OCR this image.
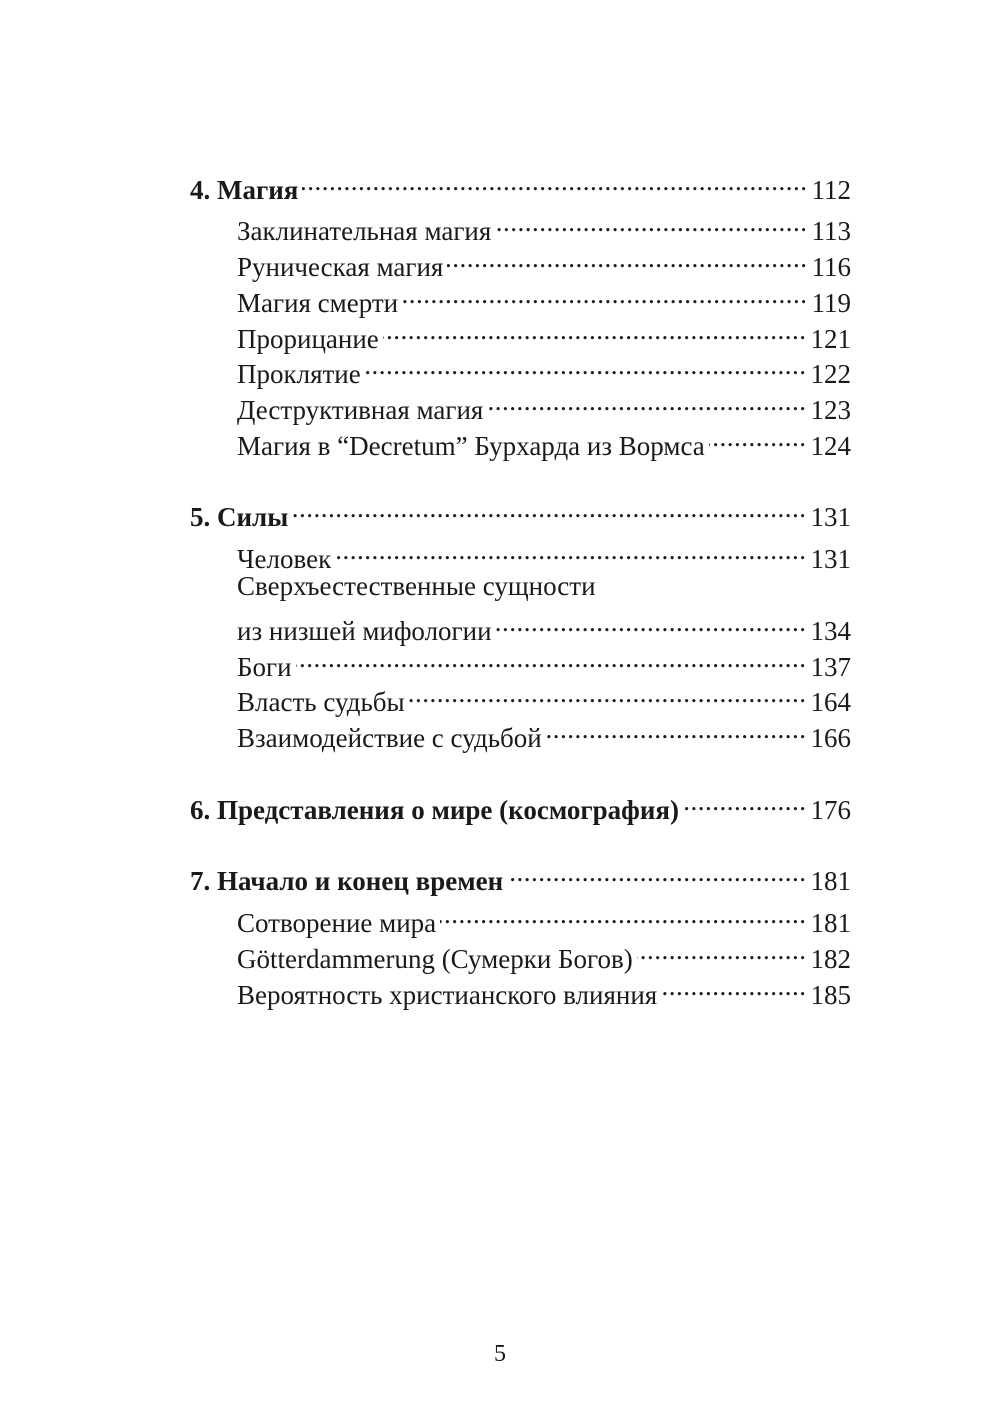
4. Магия .....	112
Заклинательная магия .....	113
Руническая магия .....	116
Магия смерти .....	119
Прорицание .....	121
Проклятие .....	122
Деструктивная магия .....	123
Магия в “Decretum” Бурхарда из Вормса .....	124
5. Силы .....	131
Человек .....	131
Сверхъестественные сущности
из низшей мифологии .....	134
Боги .....	137
Власть судьбы .....	164
Взаимодействие с судьбой .....	166
6. Представления о мире (космография) .....	176
7. Начало и конец времен .....	181
Сотворение мира .....	181
Götterdammerung (Сумерки Богов) .....	182
Вероятность христианского влияния .....	185
5
